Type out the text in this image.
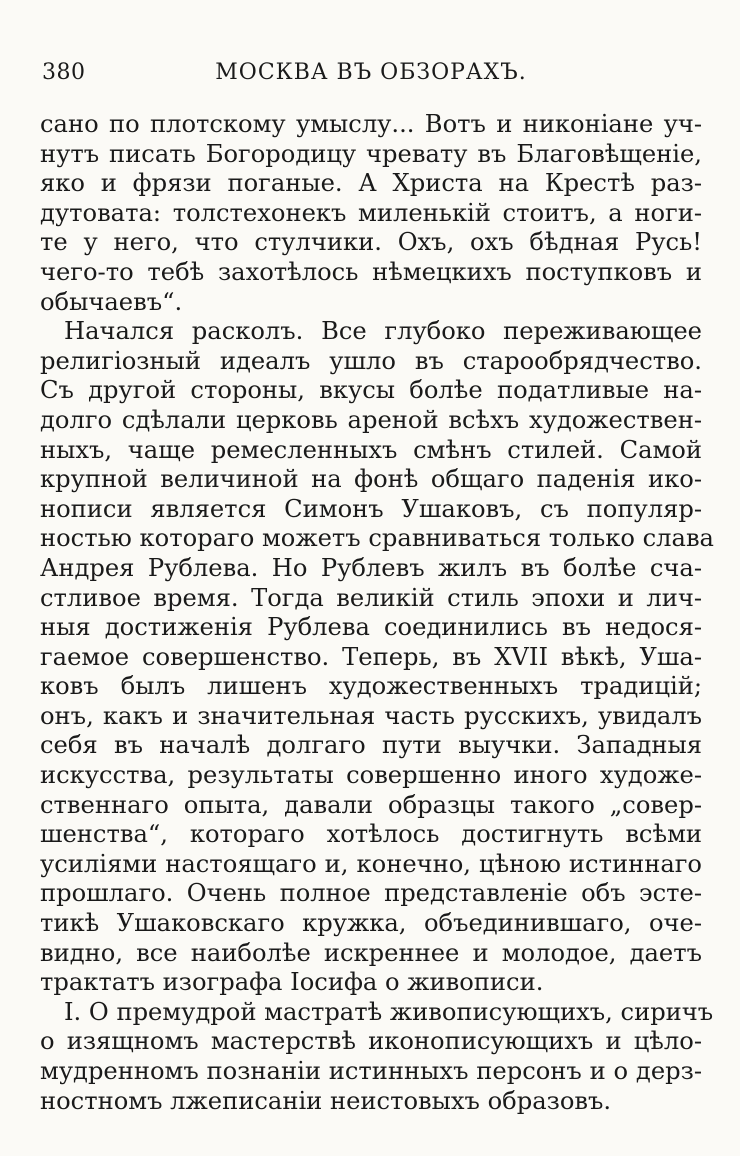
380	МОСКВА ВЪ ОБЗОРАХЪ.
сано по плотскому умыслу... Вотъ и никоніане уч-
нутъ писать Богородицу чревату въ Благовѣщеніе,
яко и фрязи поганые. А Христа на Крестѣ раз-
дутовата: толстехонекъ миленькій стоитъ, а ноги-
те у него, что стулчики. Охъ, охъ бѣдная Русь!
чего-то тебѣ захотѣлось нѣмецкихъ поступковъ и
обычаевъ“.
Начался расколъ. Все глубоко переживающее
религіозный идеалъ ушло въ старообрядчество.
Съ другой стороны, вкусы болѣе податливые на-
долго сдѣлали церковь ареной всѣхъ художествен-
ныхъ, чаще ремесленныхъ смѣнъ стилей. Самой
крупной величиной на фонѣ общаго паденія ико-
нописи является Симонъ Ушаковъ, съ популяр-
ностью котораго можетъ сравниваться только слава
Андрея Рублева. Но Рублевъ жилъ въ болѣе сча-
стливое время. Тогда великій стиль эпохи и лич-
ныя достиженія Рублева соединились въ недося-
гаемое совершенство. Теперь, въ XVII вѣкѣ, Уша-
ковъ былъ лишенъ художественныхъ традицій;
онъ, какъ и значительная часть русскихъ, увидалъ
себя въ началѣ долгаго пути выучки. Западныя
искусства, результаты совершенно иного художе-
ственнаго опыта, давали образцы такого „совер-
шенства“, котораго хотѣлось достигнуть всѣми
усиліями настоящаго и, конечно, цѣною истиннаго
прошлаго. Очень полное представленіе объ эсте-
тикѣ Ушаковскаго кружка, объединившаго, оче-
видно, все наиболѣе искреннее и молодое, даетъ
трактатъ изографа Іосифа о живописи.
I. О премудрой мастратѣ живописующихъ, сиричъ
о изящномъ мастерствѣ иконописующихъ и цѣло-
мудренномъ познаніи истинныхъ персонъ и о дерз-
ностномъ лжеписаніи неистовыхъ образовъ.
